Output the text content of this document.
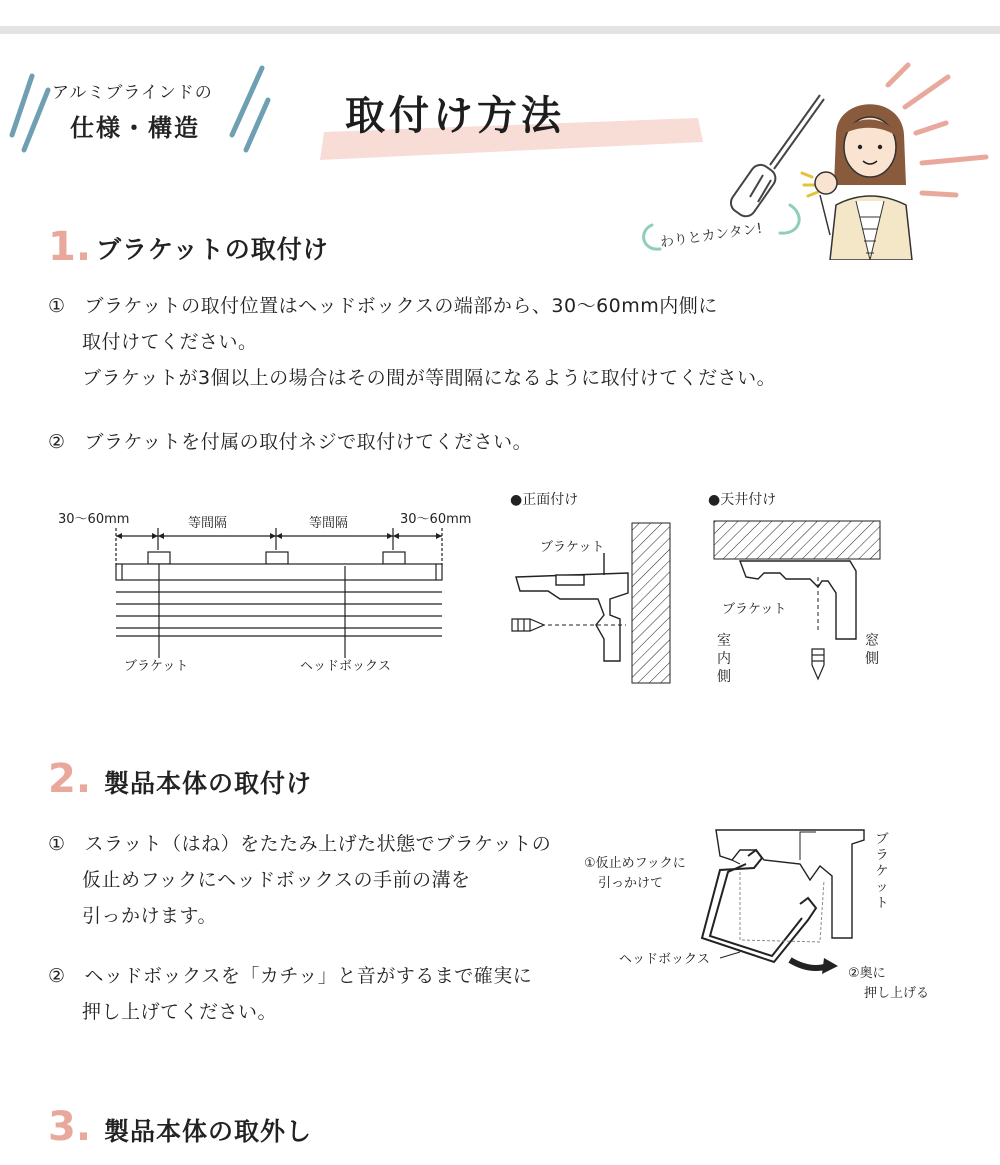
アルミブラインドの
仕様・構造	取付け方法
わりとカンタン!
1. ブラケットの取付け
① ブラケットの取付位置はヘッドボックスの端部から、30〜60mm内側に
取付けてください。
ブラケットが3個以上の場合はその間が等間隔になるように取付けてください。
② ブラケットを付属の取付ネジで取付けてください。
30〜60mm	等間隔	等間隔	30〜60mm
ブラケット	ヘッドボックス
●正面付け
ブラケット
●天井付け
ブラケット
室内側
窓側
2. 製品本体の取付け
① スラット（はね）をたたみ上げた状態でブラケットの
仮止めフックにヘッドボックスの手前の溝を
引っかけます。
② ヘッドボックスを「カチッ」と音がするまで確実に
押し上げてください。
①仮止めフックに
引っかけて
ヘッドボックス
ブラケット
②奥に
押し上げる
3. 製品本体の取外し
